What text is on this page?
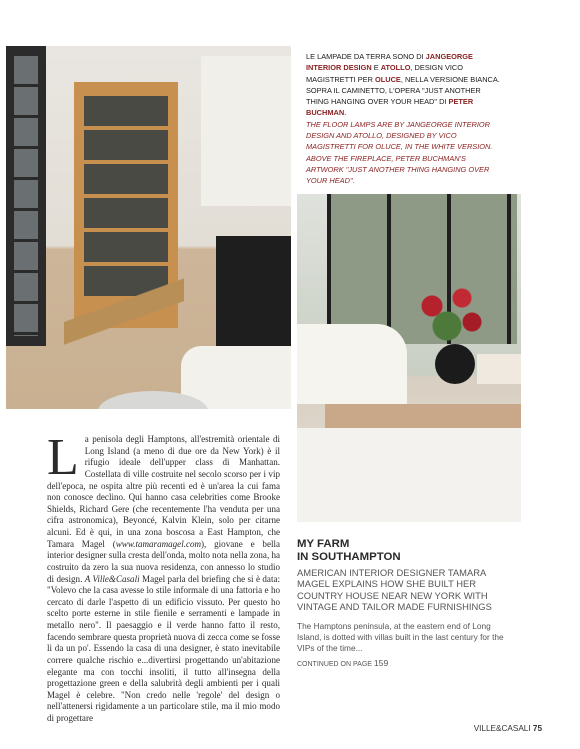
LE LAMPADE DA TERRA SONO DI JANGEORGE INTERIOR DESIGN E ATOLLO, DESIGN VICO MAGISTRETTI PER OLUCE, NELLA VERSIONE BIANCA. SOPRA IL CAMINETTO, L'OPERA "JUST ANOTHER THING HANGING OVER YOUR HEAD" DI PETER BUCHMAN.
THE FLOOR LAMPS ARE BY JANGEORGE INTERIOR DESIGN AND ATOLLO, DESIGNED BY VICO MAGISTRETTI FOR OLUCE, IN THE WHITE VERSION. ABOVE THE FIREPLACE, PETER BUCHMAN'S ARTWORK "JUST ANOTHER THING HANGING OVER YOUR HEAD".
La penisola degli Hamptons, all'estremità orientale di Long Island (a meno di due ore da New York) è il rifugio ideale dell'upper class di Manhattan. Costellata di ville costruite nel secolo scorso per i vip dell'epoca, ne ospita altre più recenti ed è un'area la cui fama non conosce declino. Qui hanno casa celebrities come Brooke Shields, Richard Gere (che recentemente l'ha venduta per una cifra astronomica), Beyoncé, Kalvin Klein, solo per citarne alcuni. Ed è qui, in una zona boscosa a East Hampton, che Tamara Magel (www.tamaramagel.com), giovane e bella interior designer sulla cresta dell'onda, molto nota nella zona, ha costruito da zero la sua nuova residenza, con annesso lo studio di design. A Ville&Casali Magel parla del briefing che si è data: "Volevo che la casa avesse lo stile informale di una fattoria e ho cercato di darle l'aspetto di un edificio vissuto. Per questo ho scelto porte esterne in stile fienile e serramenti e lampade in metallo nero". Il paesaggio e il verde hanno fatto il resto, facendo sembrare questa proprietà nuova di zecca come se fosse lì da un po'. Essendo la casa di una designer, è stato inevitabile correre qualche rischio e...divertirsi progettando un'abitazione elegante ma con tocchi insoliti, il tutto all'insegna della progettazione green e della salubrità degli ambienti per i quali Magel è celebre. "Non credo nelle 'regole' del design o nell'attenersi rigidamente a un particolare stile, ma il mio modo di progettare
MY FARM
IN SOUTHAMPTON
AMERICAN INTERIOR DESIGNER TAMARA MAGEL EXPLAINS HOW SHE BUILT HER COUNTRY HOUSE NEAR NEW YORK WITH VINTAGE AND TAILOR MADE FURNISHINGS
The Hamptons peninsula, at the eastern end of Long Island, is dotted with villas built in the last century for the VIPs of the time...
CONTINUED ON PAGE 159
VILLE&CASALI 75
